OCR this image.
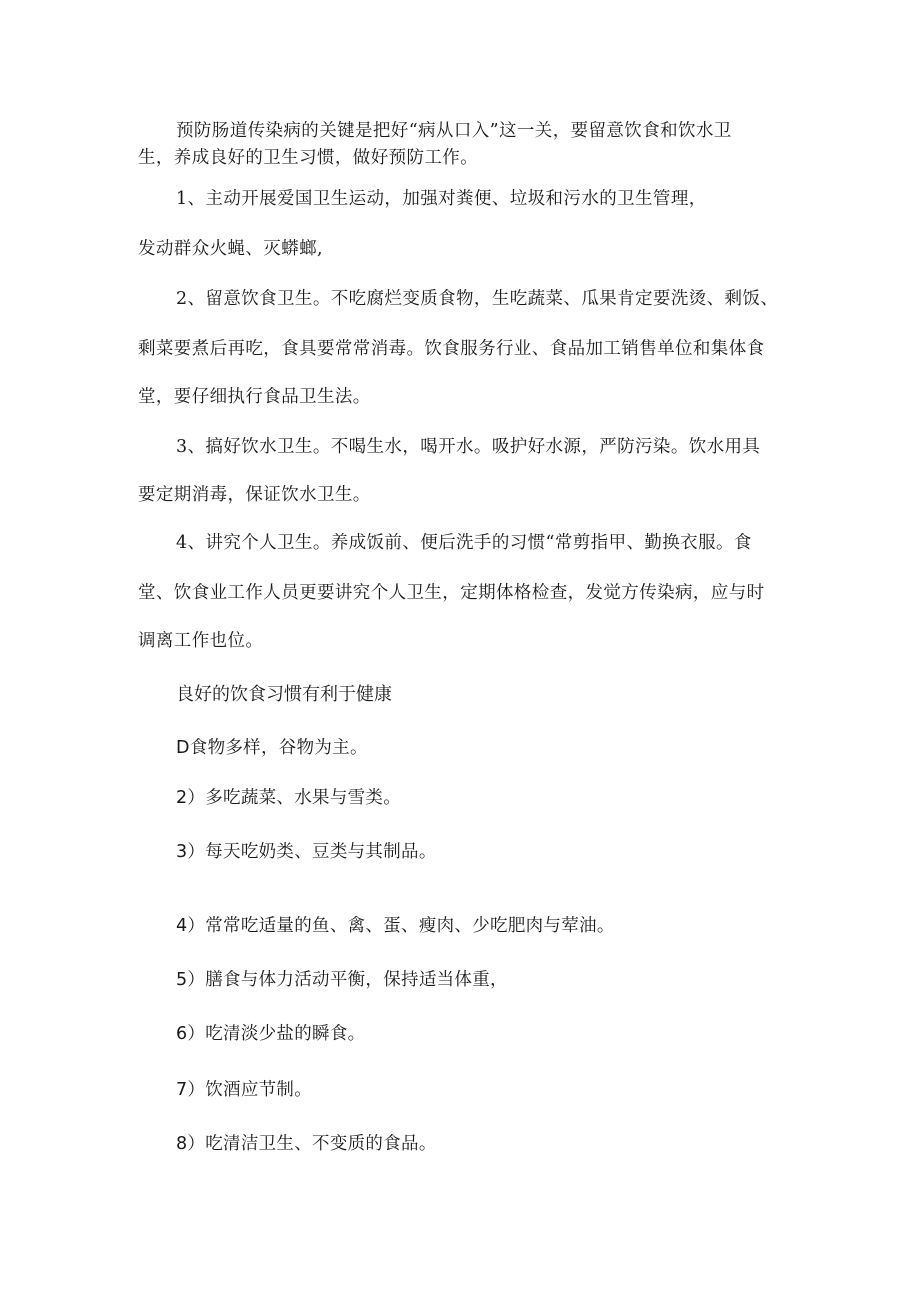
预防肠道传染病的关键是把好“病从口入”这一关，要留意饮食和饮水卫
生，养成良好的卫生习惯，做好预防工作。
1、主动开展爱国卫生运动，加强对粪便、垃圾和污水的卫生管理，
发动群众火蝇、灭蟒螂,
2、留意饮食卫生。不吃腐烂变质食物，生吃蔬菜、瓜果肯定要洗烫、剩饭、
剩菜要煮后再吃，食具要常常消毒。饮食服务行业、食品加工销售单位和集体食
堂，要仔细执行食品卫生法。
3、搞好饮水卫生。不喝生水，喝开水。吸护好水源，严防污染。饮水用具
要定期消毒，保证饮水卫生。
4、讲究个人卫生。养成饭前、便后洗手的习惯“常剪指甲、勤换衣服。食
堂、饮食业工作人员更要讲究个人卫生，定期体格检查，发觉方传染病，应与时
调离工作也位。
良好的饮食习惯有利于健康
D食物多样，谷物为主。
2）多吃蔬菜、水果与雪类。
3）每天吃奶类、豆类与其制品。
4）常常吃适量的鱼、禽、蛋、瘦肉、少吃肥肉与荤油。
5）膳食与体力活动平衡，保持适当体重，
6）吃清淡少盐的瞬食。
7）饮酒应节制。
8）吃清洁卫生、不变质的食品。
